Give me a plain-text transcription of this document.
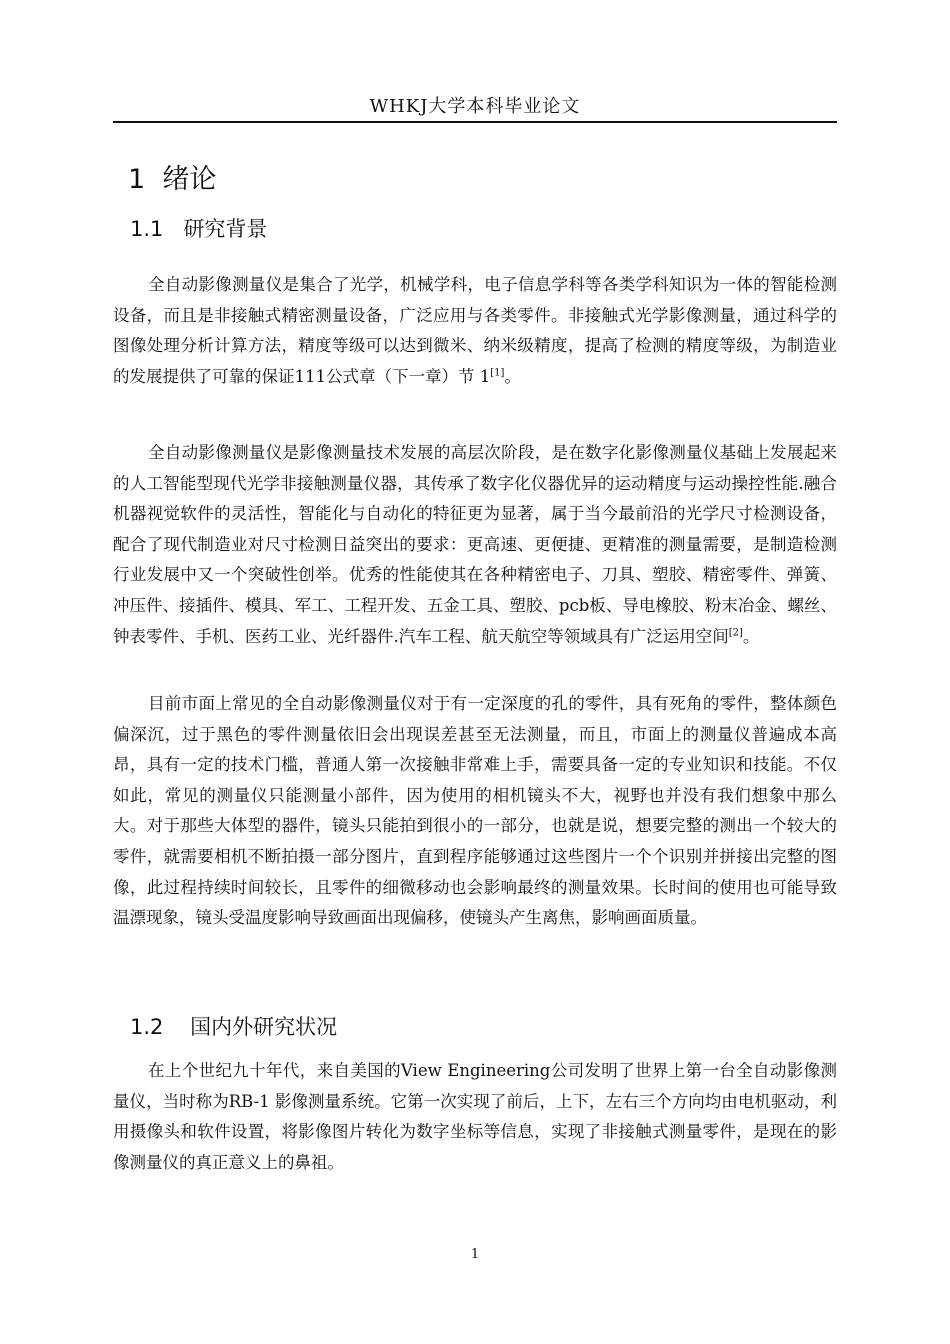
WHKJ大学本科毕业论文
1  绪论
1.1   研究背景

全自动影像测量仪是集合了光学，机械学科，电子信息学科等各类学科知识为一体的智能检测设备，而且是非接触式精密测量设备，广泛应用与各类零件。非接触式光学影像测量，通过科学的图像处理分析计算方法，精度等级可以达到微米、纳米级精度，提高了检测的精度等级，为制造业的发展提供了可靠的保证111公式章（下一章）节 1[1]。

全自动影像测量仪是影像测量技术发展的高层次阶段，是在数字化影像测量仪基础上发展起来的人工智能型现代光学非接触测量仪器，其传承了数字化仪器优异的运动精度与运动操控性能.融合机器视觉软件的灵活性，智能化与自动化的特征更为显著，属于当今最前沿的光学尺寸检测设备，配合了现代制造业对尺寸检测日益突出的要求：更高速、更便捷、更精准的测量需要，是制造检测行业发展中又一个突破性创举。优秀的性能使其在各种精密电子、刀具、塑胶、精密零件、弹簧、冲压件、接插件、模具、军工、工程开发、五金工具、塑胶、pcb板、导电橡胶、粉末冶金、螺丝、钟表零件、手机、医药工业、光纤器件.汽车工程、航天航空等领域具有广泛运用空间[2]。

目前市面上常见的全自动影像测量仪对于有一定深度的孔的零件，具有死角的零件，整体颜色偏深沉，过于黑色的零件测量依旧会出现误差甚至无法测量，而且，市面上的测量仪普遍成本高昂，具有一定的技术门槛，普通人第一次接触非常难上手，需要具备一定的专业知识和技能。不仅如此，常见的测量仪只能测量小部件，因为使用的相机镜头不大，视野也并没有我们想象中那么大。对于那些大体型的器件，镜头只能拍到很小的一部分，也就是说，想要完整的测出一个较大的零件，就需要相机不断拍摄一部分图片，直到程序能够通过这些图片一个个识别并拼接出完整的图像，此过程持续时间较长，且零件的细微移动也会影响最终的测量效果。长时间的使用也可能导致温漂现象，镜头受温度影响导致画面出现偏移，使镜头产生离焦，影响画面质量。

1.2    国内外研究状况

在上个世纪九十年代，来自美国的View Engineering公司发明了世界上第一台全自动影像测量仪，当时称为RB-1 影像测量系统。它第一次实现了前后，上下，左右三个方向均由电机驱动，利用摄像头和软件设置，将影像图片转化为数字坐标等信息，实现了非接触式测量零件，是现在的影像测量仪的真正意义上的鼻祖。

1
